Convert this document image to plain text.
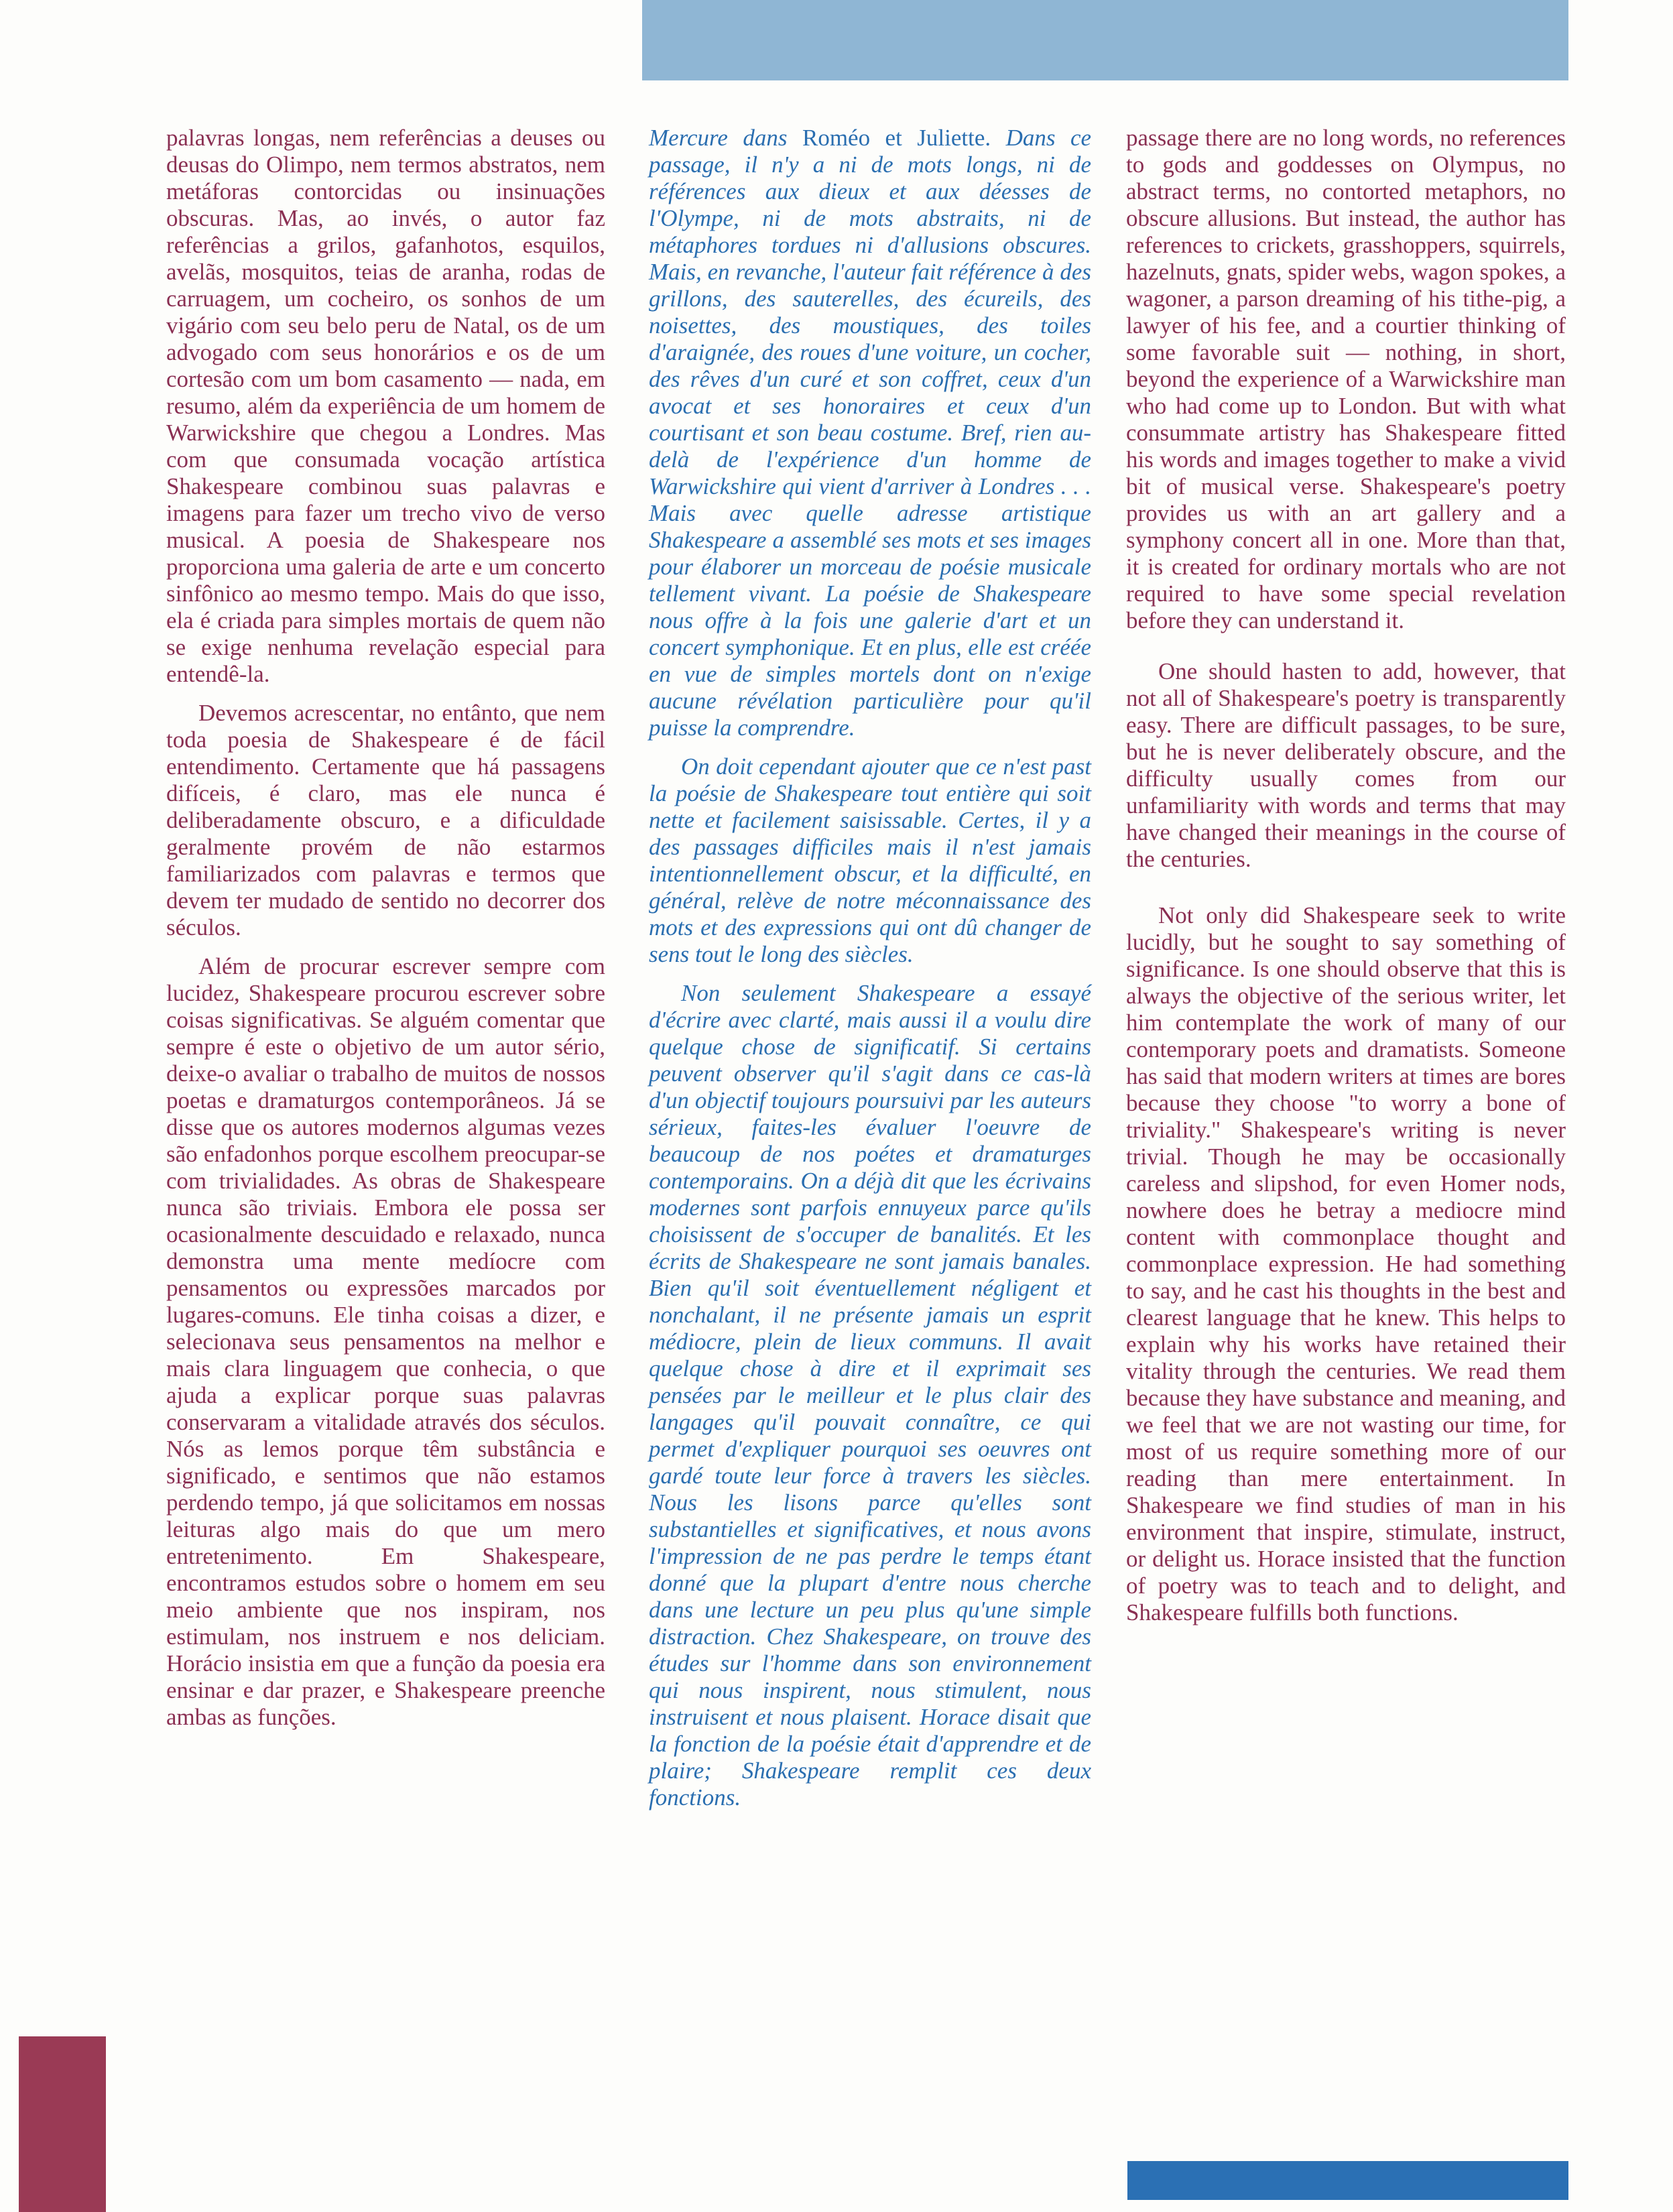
palavras longas, nem referências a deuses ou deusas do Olimpo, nem termos abstratos, nem metáforas contorcidas ou insinuações obscuras. Mas, ao invés, o autor faz referências a grilos, gafanhotos, esquilos, avelãs, mosquitos, teias de aranha, rodas de carruagem, um cocheiro, os sonhos de um vigário com seu belo peru de Natal, os de um advogado com seus honorários e os de um cortesão com um bom casamento — nada, em resumo, além da experiência de um homem de Warwickshire que chegou a Londres. Mas com que consumada vocação artística Shakespeare combinou suas palavras e imagens para fazer um trecho vivo de verso musical. A poesia de Shakespeare nos proporciona uma galeria de arte e um concerto sinfônico ao mesmo tempo. Mais do que isso, ela é criada para simples mortais de quem não se exige nenhuma revelação especial para entendê-la.

Devemos acrescentar, no entânto, que nem toda poesia de Shakespeare é de fácil entendimento. Certamente que há passagens difíceis, é claro, mas ele nunca é deliberadamente obscuro, e a dificuldade geralmente provém de não estarmos familiarizados com palavras e termos que devem ter mudado de sentido no decorrer dos séculos.

Além de procurar escrever sempre com lucidez, Shakespeare procurou escrever sobre coisas significativas. Se alguém comentar que sempre é este o objetivo de um autor sério, deixe-o avaliar o trabalho de muitos de nossos poetas e dramaturgos contemporâneos. Já se disse que os autores modernos algumas vezes são enfadonhos porque escolhem preocupar-se com trivialidades. As obras de Shakespeare nunca são triviais. Embora ele possa ser ocasionalmente descuidado e relaxado, nunca demonstra uma mente medíocre com pensamentos ou expressões marcados por lugares-comuns. Ele tinha coisas a dizer, e selecionava seus pensamentos na melhor e mais clara linguagem que conhecia, o que ajuda a explicar porque suas palavras conservaram a vitalidade através dos séculos. Nós as lemos porque têm substância e significado, e sentimos que não estamos perdendo tempo, já que solicitamos em nossas leituras algo mais do que um mero entretenimento. Em Shakespeare, encontramos estudos sobre o homem em seu meio ambiente que nos inspiram, nos estimulam, nos instruem e nos deliciam. Horácio insistia em que a função da poesia era ensinar e dar prazer, e Shakespeare preenche ambas as funções.

Mercure dans Roméo et Juliette. Dans ce passage, il n'y a ni de mots longs, ni de références aux dieux et aux déesses de l'Olympe, ni de mots abstraits, ni de métaphores tordues ni d'allusions obscures. Mais, en revanche, l'auteur fait référence à des grillons, des sauterelles, des écureils, des noisettes, des moustiques, des toiles d'araignée, des roues d'une voiture, un cocher, des rêves d'un curé et son coffret, ceux d'un avocat et ses honoraires et ceux d'un courtisant et son beau costume. Bref, rien au-delà de l'expérience d'un homme de Warwickshire qui vient d'arriver à Londres . . . Mais avec quelle adresse artistique Shakespeare a assemblé ses mots et ses images pour élaborer un morceau de poésie musicale tellement vivant. La poésie de Shakespeare nous offre à la fois une galerie d'art et un concert symphonique. Et en plus, elle est créée en vue de simples mortels dont on n'exige aucune révélation particulière pour qu'il puisse la comprendre.

On doit cependant ajouter que ce n'est past la poésie de Shakespeare tout entière qui soit nette et facilement saisissable. Certes, il y a des passages difficiles mais il n'est jamais intentionnellement obscur, et la difficulté, en général, relève de notre méconnaissance des mots et des expressions qui ont dû changer de sens tout le long des siècles.

Non seulement Shakespeare a essayé d'écrire avec clarté, mais aussi il a voulu dire quelque chose de significatif. Si certains peuvent observer qu'il s'agit dans ce cas-là d'un objectif toujours poursuivi par les auteurs sérieux, faites-les évaluer l'oeuvre de beaucoup de nos poétes et dramaturges contemporains. On a déjà dit que les écrivains modernes sont parfois ennuyeux parce qu'ils choisissent de s'occuper de banalités. Et les écrits de Shakespeare ne sont jamais banales. Bien qu'il soit éventuellement négligent et nonchalant, il ne présente jamais un esprit médiocre, plein de lieux communs. Il avait quelque chose à dire et il exprimait ses pensées par le meilleur et le plus clair des langages qu'il pouvait connaître, ce qui permet d'expliquer pourquoi ses oeuvres ont gardé toute leur force à travers les siècles. Nous les lisons parce qu'elles sont substantielles et significatives, et nous avons l'impression de ne pas perdre le temps étant donné que la plupart d'entre nous cherche dans une lecture un peu plus qu'une simple distraction. Chez Shakespeare, on trouve des études sur l'homme dans son environnement qui nous inspirent, nous stimulent, nous instruisent et nous plaisent. Horace disait que la fonction de la poésie était d'apprendre et de plaire; Shakespeare remplit ces deux fonctions.

passage there are no long words, no references to gods and goddesses on Olympus, no abstract terms, no contorted metaphors, no obscure allusions. But instead, the author has references to crickets, grasshoppers, squirrels, hazelnuts, gnats, spider webs, wagon spokes, a wagoner, a parson dreaming of his tithe-pig, a lawyer of his fee, and a courtier thinking of some favorable suit — nothing, in short, beyond the experience of a Warwickshire man who had come up to London. But with what consummate artistry has Shakespeare fitted his words and images together to make a vivid bit of musical verse. Shakespeare's poetry provides us with an art gallery and a symphony concert all in one. More than that, it is created for ordinary mortals who are not required to have some special revelation before they can understand it.

One should hasten to add, however, that not all of Shakespeare's poetry is transparently easy. There are difficult passages, to be sure, but he is never deliberately obscure, and the difficulty usually comes from our unfamiliarity with words and terms that may have changed their meanings in the course of the centuries.

Not only did Shakespeare seek to write lucidly, but he sought to say something of significance. Is one should observe that this is always the objective of the serious writer, let him contemplate the work of many of our contemporary poets and dramatists. Someone has said that modern writers at times are bores because they choose "to worry a bone of triviality." Shakespeare's writing is never trivial. Though he may be occasionally careless and slipshod, for even Homer nods, nowhere does he betray a mediocre mind content with commonplace thought and commonplace expression. He had something to say, and he cast his thoughts in the best and clearest language that he knew. This helps to explain why his works have retained their vitality through the centuries. We read them because they have substance and meaning, and we feel that we are not wasting our time, for most of us require something more of our reading than mere entertainment. In Shakespeare we find studies of man in his environment that inspire, stimulate, instruct, or delight us. Horace insisted that the function of poetry was to teach and to delight, and Shakespeare fulfills both functions.
